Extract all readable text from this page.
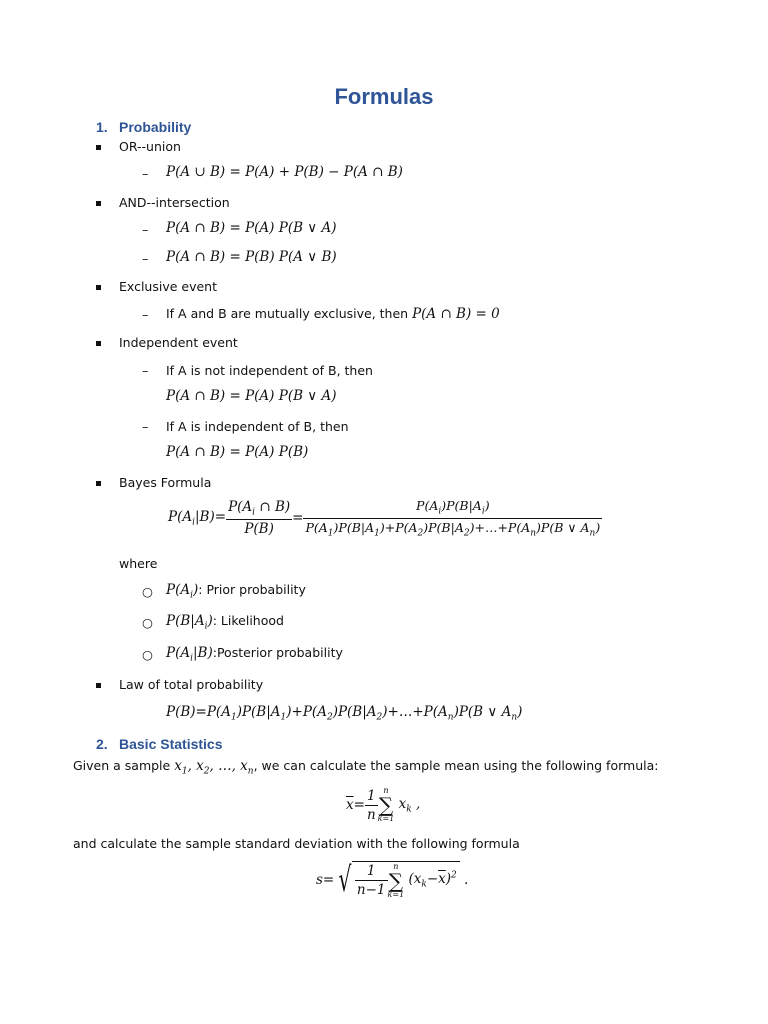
Formulas
1. Probability
OR--union
– P(A ∪ B) = P(A) + P(B) − P(A ∩ B)
AND--intersection
– P(A ∩ B) = P(A) P(B ∨ A)
– P(A ∩ B) = P(B) P(A ∨ B)
Exclusive event
– If A and B are mutually exclusive, then P(A ∩ B) = 0
Independent event
– If A is not independent of B, then
P(A ∩ B) = P(A) P(B ∨ A)
– If A is independent of B, then
P(A ∩ B) = P(A) P(B)
Bayes Formula
$P(A_i|B)= \frac{P(A_i \cap B)}{P(B)} = \frac{P(A_i)P(B|A_i)}{P(A_1)P(B|A_1)+P(A_2)P(B|A_2)+\dots+P(A_n)P(B \vee A_n)}$
where
○ $P(A_i)$: Prior probability
○ $P(B|A_i)$: Likelihood
○ $P(A_i|B):Posterior$ probability
Law of total probability
$P(B)=P(A_1)P(B|A_1)+P(A_2)P(B|A_2)+\dots+P(A_n)P(B$ ∨ $A_n$)
2. Basic Statistics
Given a sample $x_1$, $x_2$, …, $x_n$, we can calculate the sample mean using the following formula:
$\overline{x}= \frac{1}{n}$ n
∑
k=1
$x_k$ ,
and calculate the sample standard deviation with the following formula
s= √ $\frac{1}{n-1}$ n
∑
k=1
$(x_k-\overline{x})^2$ .
